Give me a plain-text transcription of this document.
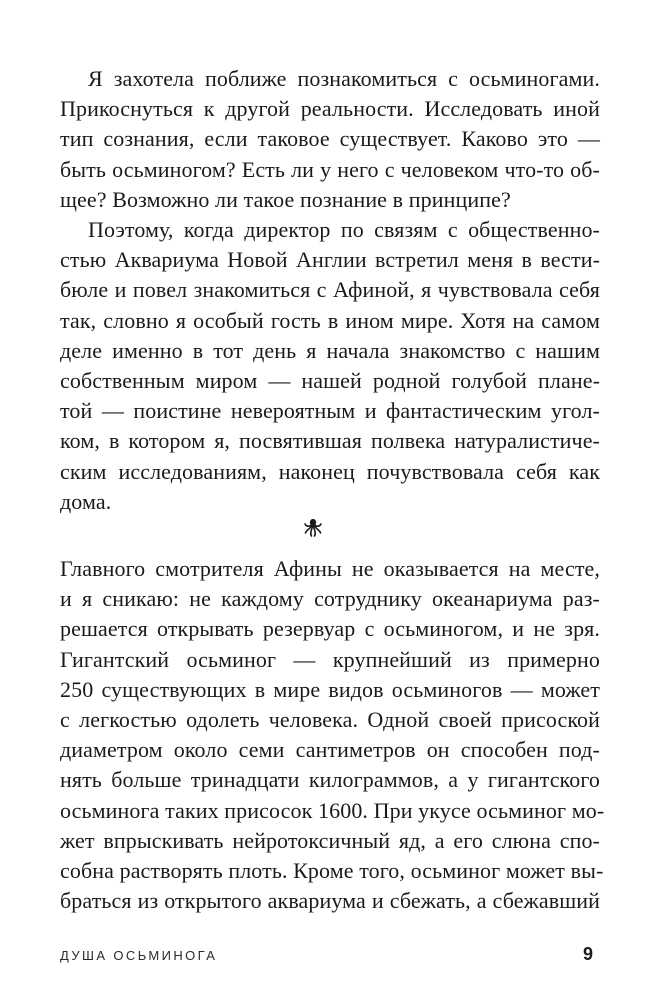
Я захотела поближе познакомиться с осьминогами.
Прикоснуться к другой реальности. Исследовать иной
тип сознания, если таковое существует. Каково это —
быть осьминогом? Есть ли у него с человеком что-то об-
щее? Возможно ли такое познание в принципе?
Поэтому, когда директор по связям с общественно-
стью Аквариума Новой Англии встретил меня в вести-
бюле и повел знакомиться с Афиной, я чувствовала себя
так, словно я особый гость в ином мире. Хотя на самом
деле именно в тот день я начала знакомство с нашим
собственным миром — нашей родной голубой плане-
той — поистине невероятным и фантастическим угол-
ком, в котором я, посвятившая полвека натуралистиче-
ским исследованиям, наконец почувствовала себя как
дома.
Главного смотрителя Афины не оказывается на месте,
и я сникаю: не каждому сотруднику океанариума раз-
решается открывать резервуар с осьминогом, и не зря.
Гигантский осьминог — крупнейший из примерно
250 существующих в мире видов осьминогов — может
с легкостью одолеть человека. Одной своей присоской
диаметром около семи сантиметров он способен под-
нять больше тринадцати килограммов, а у гигантского
осьминога таких присосок 1600. При укусе осьминог мо-
жет впрыскивать нейротоксичный яд, а его слюна спо-
собна растворять плоть. Кроме того, осьминог может вы-
браться из открытого аквариума и сбежать, а сбежавший
ДУША ОСЬМИНОГА	9
